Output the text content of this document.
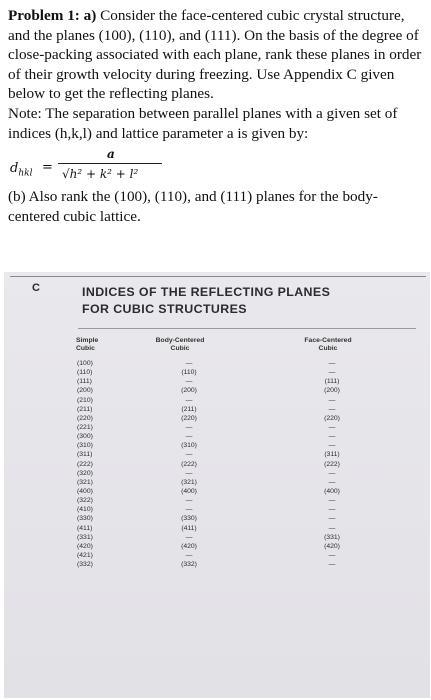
Problem 1: a) Consider the face-centered cubic crystal structure, and the planes (100), (110), and (111). On the basis of the degree of close-packing associated with each plane, rank these planes in order of their growth velocity during freezing. Use Appendix C given below to get the reflecting planes.

Note: The separation between parallel planes with a given set of indices (h,k,l) and lattice parameter a is given by:

$d_{hkl}$ =
a
√h² + k² + l²

(b) Also rank the (100), (110), and (111) planes for the body-centered cubic lattice.

C	INDICES OF THE REFLECTING PLANES
FOR CUBIC STRUCTURES
Simple
Cubic
Body-Centered
Cubic
Face-Centered
Cubic
(100)
(110)
(111)
(200)
(210)
(211)
(220)
(221)
(300)
(310)
(311)
(222)
(320)
(321)
(400)
(322)
(410)
(330)
(411)
(331)
(420)
(421)
(332)
—
(110)
—
(200)
—
(211)
(220)
—
—
(310)
—
(222)
—
(321)
(400)
—
—
(330)
(411)
—
(420)
—
(332)
—
—
(111)
(200)
—
—
(220)
—
—
—
(311)
(222)
—
—
(400)
—
—
—
—
(331)
(420)
—
—
